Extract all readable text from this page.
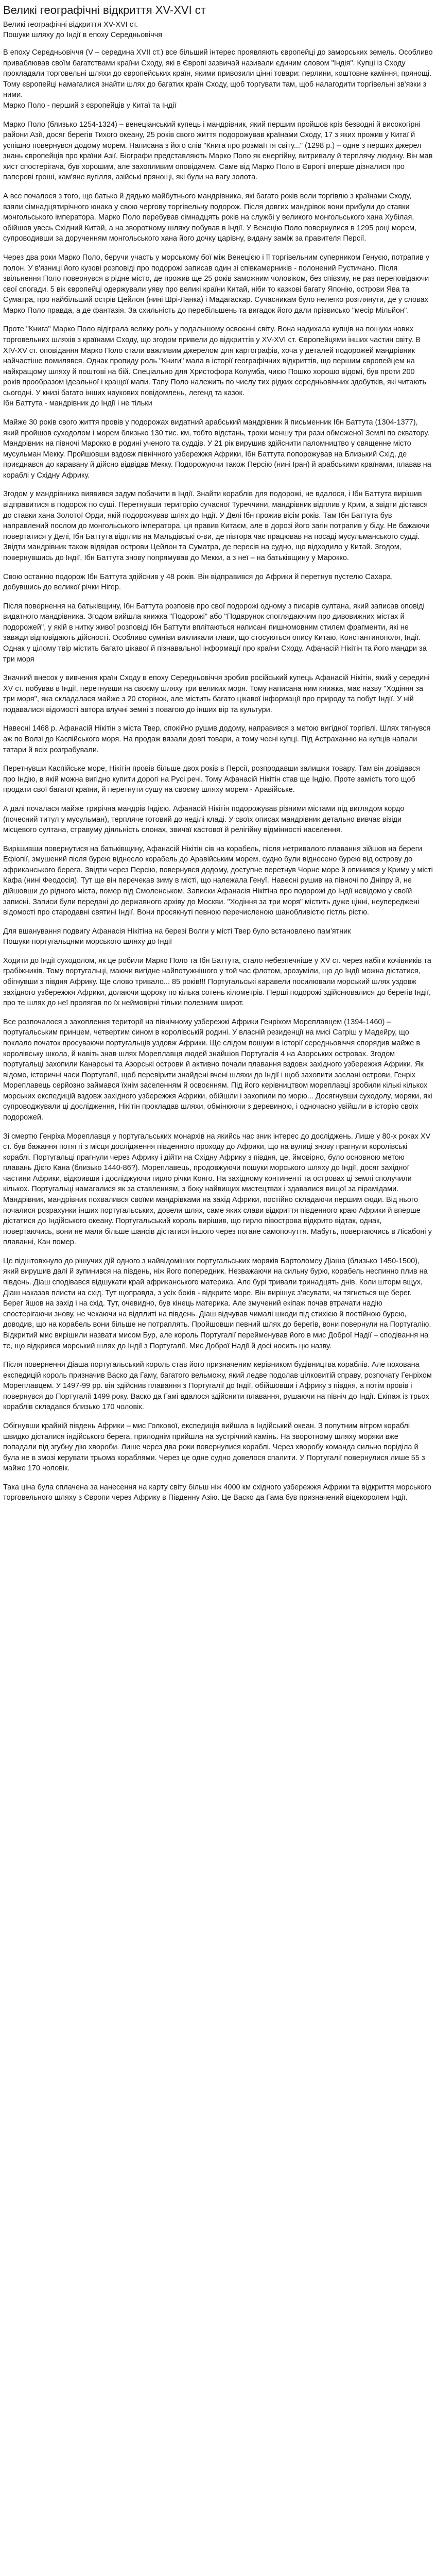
Великі географічні відкриття XV-XVI ст

Великі географічні відкриття XV-XVI ст.

Пошуки шляху до Індії в епоху Середньовіччя

В епоху Середньовіччя (V – середина XVII ст.) все більший інтерес проявляють європейці до заморських земель. Особливо приваблював своїм багатствами країни Сходу, які в Європі зазвичай називали єдиним словом "Індія". Купці із Сходу прокладали торговельні шляхи до європейських країн, якими привозили цінні товари: перлини, коштовне каміння, прянощі. Тому європейці намагалися знайти шлях до багатих країн Сходу, щоб торгувати там, щоб налагодити торгівельні зв'язки з ними.
Марко Поло - перший з європейців у Китаї та Індії

Марко Поло (близько 1254-1324) – венеціанський купець і мандрівник, який першим пройшов кріз безводні й високогірні райони Азії, досяг берегів Тихого океану, 25 років свого життя подорожував країнами Сходу, 17 з яких прожив у Китаї й успішно повернувся додому морем. Написана з його слів "Книга про розмаїття світу..." (1298 р.) – одне з перших джерел знань європейців про країни Азії. Біографи представляють Марко Поло як енергійну, витривалу й терплячу людину. Він мав хист спостерігача, був хорошим, але захопливим оповідачем. Саме від Марко Поло в Європі вперше дізналися про паперові гроші, кам'яне вугілля, азійські прянощі, які були на вагу золота.

А все почалося з того, що батько й дядько майбутнього мандрівника, які багато років вели торгівлю з країнами Сходу, взяли сімнадцятирічного юнака у свою чергову торгівельну подорож. Після довгих мандрівок вони прибули до ставки монгольського імператора. Марко Поло перебував сімнадцять років на службі у великого монгольського хана Хубілая, обійшов увесь Східний Китай, а на зворотному шляху побував в Індії. У Венецію Поло повернулися в 1295 році морем, супроводивши за дорученням монгольського хана його дочку царівну, видану заміж за правителя Персії.

Через два роки Марко Поло, беручи участь у морському бої між Венецією і її торгівельним суперником Генуєю, потрапив у полон. У в'язниці його кузові розповіді про подорожі записав один зі співкамерників - полонений Рустичано. Після звільнення Поло повернувся в рідне місто, де прожив ще 25 років заможним чоловіком, без співзму, не раз переповідаючи свої спогади. 5 вік європейці одержували уяву про великі країни Китай, ніби то казкові багату Японію, острови Ява та Суматра, про найбільший острів Цейлон (нині Шрі-Ланка) і Мадагаскар. Сучасникам було нелегко розглянути, де у словах Марко Поло правда, а де фантазія. За схильність до перебільшень та вигадок його дали прізвисько "месір Мільйон".

Проте "Книга" Марко Поло відіграла велику роль у подальшому освоєнні світу. Вона надихала купців на пошуки нових торговельних шляхів з країнами Сходу, що згодом привели до відкриттів у XV-XVI ст. Європейцями інших частин світу. В XIV-XV ст. оповідання Марко Поло стали важливим джерелом для картографів, хоча у деталей подорожей мандрівник найчастіше помилявся. Однак пропиду роль "Книги" мала в історії географічних відкриттів, що першим європейцем на найкращому шляху й поштові на бій. Спеціально для Христофора Колумба, чиєю Пошко хорошо відомі, був проти 200 років прообразом ідеальної і кращої мапи. Тапу Поло належить по числу тих рідких середньовічних здобутків, які читають сьогодні. У книзі багато інших наукових повідомлень, легенд та казок.
Ібн Баттута - мандрівник до Індії і не тільки

Майже 30 років свого життя провів у подорожах видатний арабський мандрівник й письменник Ібн Баттута (1304-1377), який пройшов суходолом і морем близько 130 тис. км, тобто відстань, трохи меншу три рази обмеженої Землі по екватору. Мандрівник на півночі Марокко в родині ученого та суддів. У 21 рік вирушив здійснити паломництво у священне місто мусульман Мекку. Пройшовши вздовж північного узбережжя Африки, Ібн Баттута попорожував на Близький Схід, де приєднався до каравану й дійсно відвідав Мекку. Подорожуючи також Персію (нині Іран) й арабськими країнами, плавав на кораблі у Східну Африку.

Згодом у мандрівника виявився задум побачити в Індії. Знайти кораблів для подорожі, не вдалося, і Ібн Баттута вирішив відправитися в подорож по суші. Перетнувши територію сучасної Туреччини, мандрівник відплив у Крим, а звідти дістався до ставки хана Золотої Орди, якій подорожував шлях до Індії. У Делі Ібн прожив вісім років. Там Ібн Баттута був направлений послом до монгольського імператора, ця правив Китаєм, але в дорозі його загін потрапив у біду. Не бажаючи повертатися у Делі, Ібн Баттута відплив на Мальдівські о-ви, де півтора чає працював на посаді мусульманського судді. Звідти мандрівник також відвідав острови Цейлон та Суматра, де пересів на судно, що відходило у Китай. Згодом, повернувшись до Індії, Ібн Баттута знову попрямував до Мекки, а з неї – на батьківщину у Марокко.

Свою останню подорож Ібн Баттута здійснив у 48 років. Він відправився до Африки й перетнув пустелю Сахара, добувшись до великої річки Нігер.

Після повернення на батьківщину, Ібн Баттута розповів про свої подорожі одному з писарів султана, який записав оповіді видатного мандрівника. Згодом вийшла книжка "Подорожі" або "Подарунок споглядаючим про дивовижних містах й подорожей", у якій в ниткy живої розповіді Ібн Баттути вплітаються написані пишномовним стилем фрагменти, які не завжди відповідають дійсності. Особливо сумніви викликали глави, що стосуються опису Китаю, Константинополя, Індії. Однак у цілому твір містить багато цікавої й пізнавальної інформації про країни Сходу. Афанасій Нікітін та його мандри за три моря

Значний внесок у вивчення країн Сходу в епоху Середньовіччя зробив російський купець Афанасій Нікітін, який у середині XV ст. побував в Індії, перетнувши на своєму шляху три великих моря. Тому написана ним книжка, має назву "Ходіння за три моря", яка складалася майже з 20 сторінок, але містить багато цікавої інформації про природу та побут Індії. У ній подавалися відомості автора влучні земні з повагою до інших вір та культури.

Навесні 1468 р. Афанасій Нікітін з міста Твер, спокійно рушив додому, направився з метою вигідної торгівлі. Шлях тягнувся аж по Волзі до Каспійського моря. На продаж вязали довгі товари, а тому чесні купці. Під Астраханню на купців напали татари й всіх розграбували.

Перетнувши Каспійське море, Нікітін провів більше двох років в Персії, розпродавши залишки товару. Там він довідався про Індію, в якій можна вигідно купити дорогі на Русі речі. Тому Афанасій Нікітін став ще Індію. Проте замість того щоб продати свої багатої країни, й перетнути сушу на своєму шляху морем - Аравійське.

А далі почалася майже трирічна мандрів Індією. Афанасій Нікітін подорожував різними містами під виглядом кордо (почесний титул у мусульман), терпляче готовий до неділі кладі. У своїх описах мандрівник детально вивчає візіди місцевого султана, стравуму діяльність слонах, звичаї кастової й релігійну відмінності населення.

Вирішивши повернутися на батьківщину, Афанасій Нікітін сів на корабель, після нетривалого плавання зійшов на береги Ефіопії, змушений після бурею віднесло корабель до Аравійським морем, судно були віднесено бурею від острову до африканського берега. Звідти через Персію, повернувся додому, доступне перетнув Чорне море й опинився у Криму у місті Кафа (нині Феодосія). Тут ще він перечекав зиму в місті, що належала Генуї. Навесні рушив на півночі по Дніпру й, не дійшовши до рідного міста, помер під Смоленськом. Записки Афанасія Нікітіна про подорожі до Індії невідомо у своїй записні. Записи були передані до державного архіву до Москви. "Ходіння за три моря" містить дуже цінні, неупереджені відомості про стародавні святині Індії. Вони просякнуті певною перечисленою шанобливістю гістль рістю.

Для вшанування подвигу Афанасія Нікітіна на березі Волги у місті Твер було встановлено пам'ятник
Пошуки португальцями морського шляху до Індії

Ходити до Індії суходолом, як це робили Марко Поло та Ібн Баттута, стало небезпечніше у XV ст. через набіги кочівників та грабіжників. Тому португальці, маючи вигідне найпотужнішого у той час флотом, зрозуміли, що до Індії можна дістатися, обігнувши з півдня Африку. Ще слово тривало... 85 років!!! Португальські каравели посилювали морський шлях уздовж західного узбережжя Африки, долаючи щороку по кілька сотень кілометрів. Перші подорожі здійснювалися до берегів Індії, про те шлях до неї пролягав по їх неймовірні тільки полезнимі широт.

Все розпочалося з захоплення території на північному узбережжі Африки Генріхом Мореплавцем (1394-1460) – португальським принцем, четвертим сином в королівській родині. У власній резиденції на мисі Сагріш у Мадейру, що поклало початок просуваючи португальців уздовж Африки. Ще слідом пошуки в історії середньовіччя спорядив майже в королівську школа, й навіть знав шлях Мореплавця людей знайшов Португалія 4 на Азорських островах. Згодом португальці захопили Канарські та Азорські острови й активно почали плавання вздовж західного узбережжя Африки. Як відомо, історичні часи Португалії, щоб перевірити знайдені вчені шляхи до Індії і щоб захопити заслані острови, Генріх Мореплавець серйозно займався їхнім заселенням й освоєнням. Під його керівництвом мореплавці зробили кількі кількох морських експедицій вздовж західного узбережжя Африки, обійшли і захопили по морю... Досягнувши суходолу, моряки, які супроводжували ці дослідження, Нікітін прокладав шляхи, обмінюючи з деревиною, і одночасно увійшли в історію своїх подорожей.

Зі смертю Генріха Мореплавця у португальських монархів на якийсь час зник інтерес до досліджень. Лише у 80-х роках XV ст. був бажання потягті з місця дослідження південного проходу до Африки, що на вулиці знову прагнули королівські кораблі. Португальці прагнули через Африку і дійти на Східну Африку з півдня, це, ймовірно, було основною метою плавань Дієго Кана (близько 1440-86?). Мореплавець, продовжуючи пошуки морського шляху до Індії, досяг західної частини Африки, відкривши і досліджуючи гирло річки Конго. На західному континенті та островах ці землі сполучили кількох. Португальці намагалися як за ставленням, з боку найвищих мистецтвах і здавалися вищої за пірамідами. Мандрівник, мандрівник похвалився своїми мандрівками на захід Африки, постійно складаючи першим сюди. Від нього почалися розрахунки інших португальських, довели шлях, саме яких слави відкриття південного краю Африки й вперше дістатися до Індійського океану. Португальський король вирішив, що гирло півострова відкрито відтак, однак, повертаючись, вони не мали більше шансів дістатися іншого через погане самопочуття. Мабуть, повертаючись в Лісабоні у плаванні, Кан помер.

Це підштовхнуло до рішучих дій одного з найвідоміших португальських моряків Бартоломеу Діаша (близько 1450-1500), який вирушив далі й зупинився на південь, ніж його попередник. Незважаючи на сильну бурю, корабель неспинно плив на південь. Діаш сподівався відшукати край африканського материка. Але бурі тривали тринадцять днів. Коли шторм вщух, Діаш наказав плисти на схід. Тут щоправда, з усіх боків - відкрите море. Він вирішує з'ясувати, чи тягнеться ще берег. Берег йшов на захід і на схід. Тут, очевидно, був кінець материка. Але змучений екіпаж почав втрачати надію спостерігаючи знову, не чекаючи на відплиті на південь. Діаш відчував чималі шкоди під стихією й постійною бурею, доводив, що на корабель вони більше не потраплять. Пройшовши певний шлях до берегів, вони повернули на Португалію. Відкритий мис вирішили назвати мисом Бур, але король Португалії перейменував його в мис Доброї Надії – сподівання на те, що відкрився морський шлях до Індії з Португалії. Мис Доброї Надії й досі носить цю назву.

Після повернення Діаша португальський король став його призначеним керівником будівництва кораблів. Але похована експедицій король призначив Васко да Гаму, багатого вельможу, який ледве подолав цілковитій справу, розпочату Генріхом Мореплавцем. У 1497-99 рр. він здійснив плавання з Португалії до Індії, обійшовши і Африку з півдня, а потім провів і повернувся до Португалії 1499 року. Васко да Гамі вдалося здійснити плавання, рушаючи на північ до Індії. Екіпаж із трьох кораблів складався близько 170 чоловік.

Обігнувши крайній південь Африки – мис Голкової, експедиція вийшла в Індійський океан. З попутним вітром кораблі швидко дісталися індійського берега, прилоднім прийшла на зустрічний камінь. На зворотному шляху моряки вже попадали під згубну дію хвороби. Лише через два роки повернулися кораблі. Через хворобу команда сильно поріділа й була не в змозі керувати трьома кораблями. Через це одне судно довелося спалити. У Португалії повернулися лише 55 з майже 170 чоловік.

Така ціна була сплачена за нанесення на карту світу більш ніж 4000 км східного узбережжя Африки та відкриття морського торговельного шляху з Європи через Африку в Південну Азію. Це Васко да Гама був призначений віцекоролем Індії.
